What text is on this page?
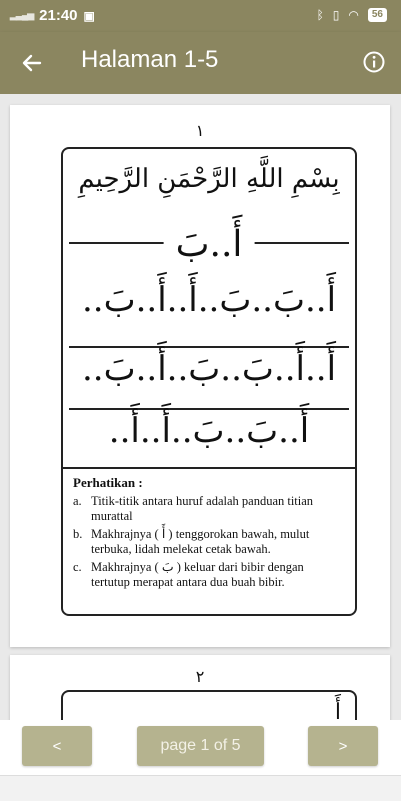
▂▃▄▅ 21:40 ▣	ᛒ ▯ ◠	56
Halaman 1-5
١
بِسْمِ اللَّهِ الرَّحْمَنِ الرَّحِيمِ
أَ..بَ
أَ..بَ..بَ..أَ..أَ..بَ..
أَ..أَ..بَ..بَ..أَ..بَ..
أَ..بَ..بَ..أَ..أَ..
Perhatikan :
a. Titik-titik antara huruf adalah panduan titian murattal
b. Makhrajnya ( أَ ) tenggorokan bawah, mulut terbuka, lidah melekat cetak bawah.
c. Makhrajnya ( بَ ) keluar dari bibir dengan tertutup merapat antara dua buah bibir.
٢
أَ
<	page 1 of 5	>
